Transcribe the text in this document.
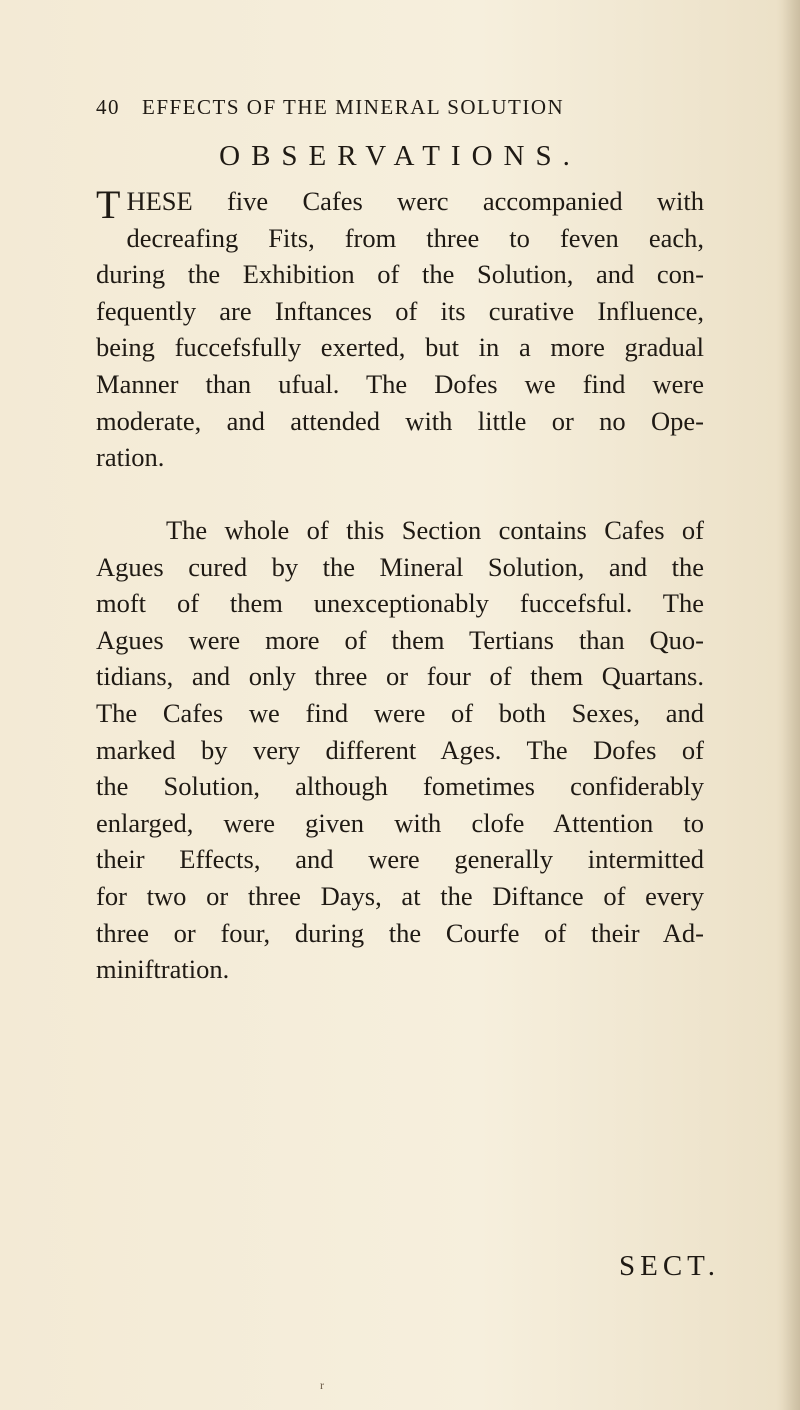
40 EFFECTS OF THE MINERAL SOLUTION
OBSERVATIONS.
T HESE five Cafes werc accompanied with
decreafing Fits, from three to feven each,
during the Exhibition of the Solution, and con-
fequently are Inftances of its curative Influence,
being fuccefsfully exerted, but in a more gradual
Manner than ufual. The Dofes we find were
moderate, and attended with little or no Ope-
ration.
The whole of this Section contains Cafes of
Agues cured by the Mineral Solution, and the
moft of them unexceptionably fuccefsful. The
Agues were more of them Tertians than Quo-
tidians, and only three or four of them Quartans.
The Cafes we find were of both Sexes, and
marked by very different Ages. The Dofes of
the Solution, although fometimes confiderably
enlarged, were given with clofe Attention to
their Effects, and were generally intermitted
for two or three Days, at the Diftance of every
three or four, during the Courfe of their Ad-
miniftration.
SECT.
r
